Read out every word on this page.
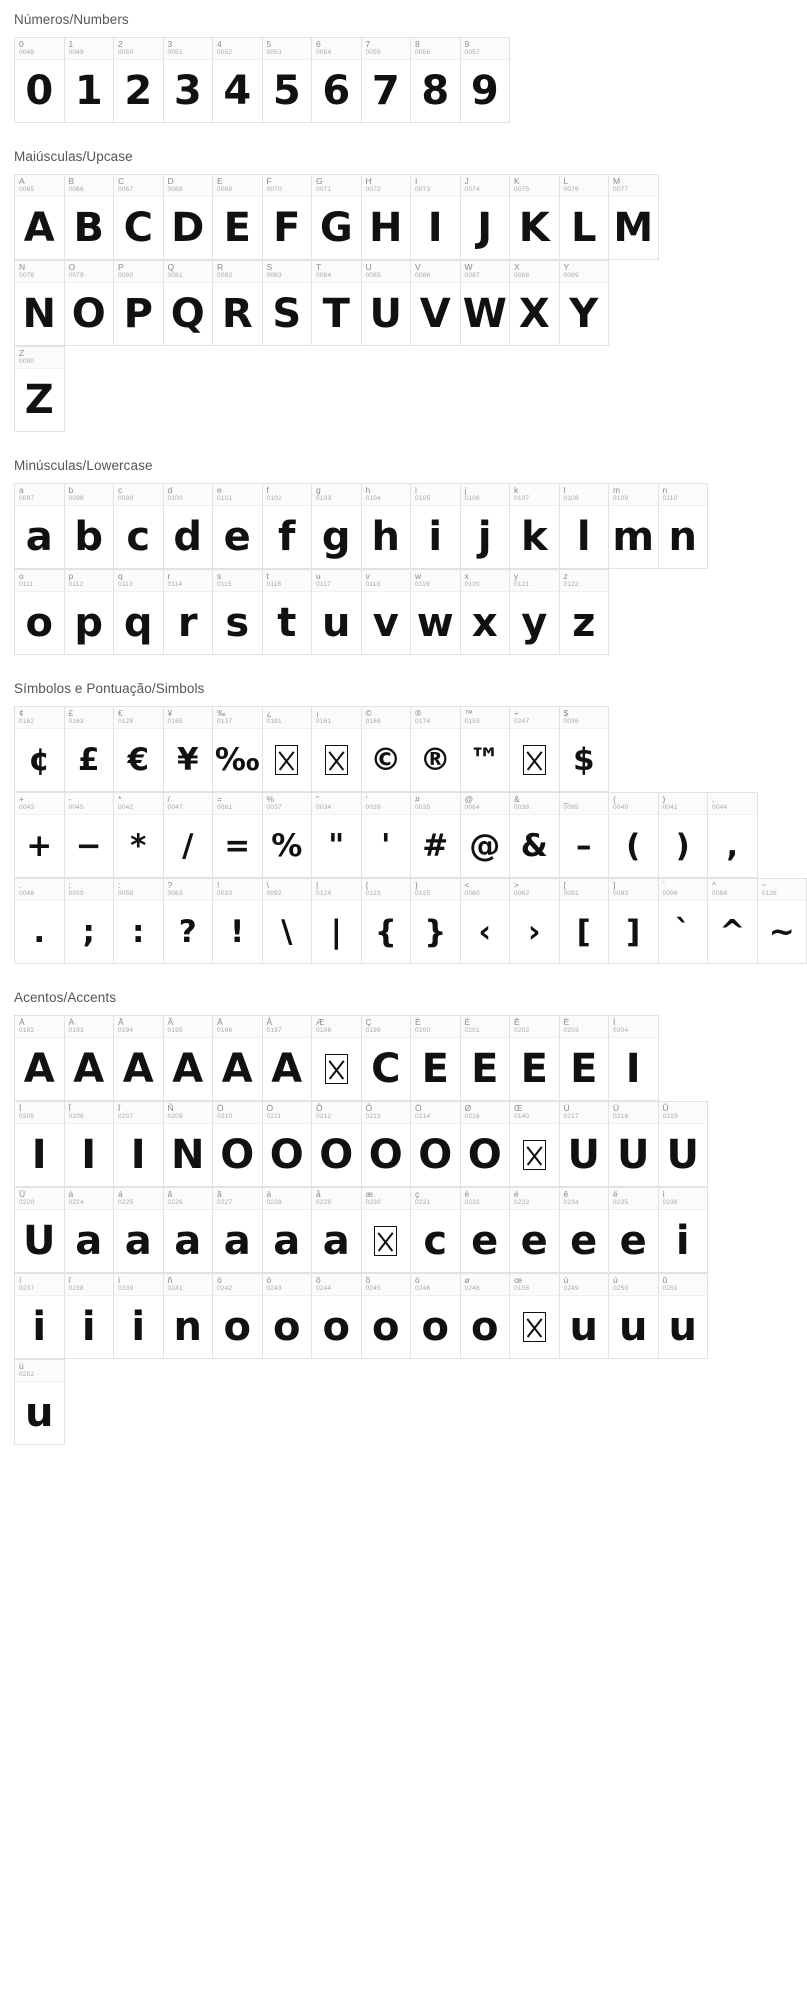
Números/Numbers
0
0048
0
1
0049
1
2
0050
2
3
0051
3
4
0052
4
5
0053
5
6
0054
6
7
0055
7
8
0056
8
9
0057
9
Maiúsculas/Upcase
A
0065
A
B
0066
B
C
0067
C
D
0068
D
E
0069
E
F
0070
F
G
0071
G
H
0072
H
I
0073
I
J
0074
J
K
0075
K
L
0076
L
M
0077
M
N
0078
N
O
0079
O
P
0080
P
Q
0081
Q
R
0082
R
S
0083
S
T
0084
T
U
0085
U
V
0086
V
W
0087
W
X
0088
X
Y
0089
Y
Z
0090
Z
Minúsculas/Lowercase
a
0097
a
b
0098
b
c
0099
c
d
0100
d
e
0101
e
f
0102
f
g
0103
g
h
0104
h
i
0105
i
j
0106
j
k
0107
k
l
0108
l
m
0109
m
n
0110
n
o
0111
o
p
0112
p
q
0113
q
r
0114
r
s
0115
s
t
0116
t
u
0117
u
v
0118
v
w
0119
w
x
0120
x
y
0121
y
z
0122
z
Símbolos e Pontuação/Simbols
¢
0162
¢
£
0163
£
€
0128
€
¥
0165
¥
‰
0137
‰
¿
0191
¡
0161
©
0169
©
®
0174
®
™
0153
™
÷
0247
$
0036
$
+
0043
+
-
0045
−
*
0042
*
/
0047
/
=
0061
=
%
0037
%
"
0034
"
'
0039
'
#
0035
#
@
0064
@
&
0038
&
_
0095
–
(
0040
(
)
0041
)
,
0044
,
.
0046
.
;
0059
;
:
0058
:
?
0063
?
!
0033
!
\
0092
\
|
0124
|
{
0123
{
}
0125
}
<
0060
‹
>
0062
›
[
0091
[
]
0093
]
`
0096
`
^
0094
^
~
0126
~
Acentos/Accents
À
0192
A
Á
0193
A
Â
0194
A
Ã
0195
A
Ä
0196
A
Å
0197
A
Æ
0198
Ç
0199
C
È
0200
E
É
0201
E
Ê
0202
E
Ë
0203
E
Ì
0204
I
Í
0205
I
Î
0206
I
Ï
0207
I
Ñ
0209
N
Ò
0210
O
Ó
0211
O
Ô
0212
O
Õ
0213
O
Ö
0214
O
Ø
0216
O
Œ
0140
Ù
0217
U
Ú
0218
U
Û
0219
U
Ü
0220
U
à
0224
a
á
0225
a
â
0226
a
ã
0227
a
ä
0228
a
å
0229
a
æ
0230
ç
0231
c
è
0232
e
é
0233
e
ê
0234
e
ë
0235
e
ì
0236
i
í
0237
i
î
0238
i
ï
0239
i
ñ
0241
n
ò
0242
o
ó
0243
o
ô
0244
o
õ
0245
o
ö
0246
o
ø
0248
o
œ
0156
ù
0249
u
ú
0250
u
û
0251
u
ü
0252
u
